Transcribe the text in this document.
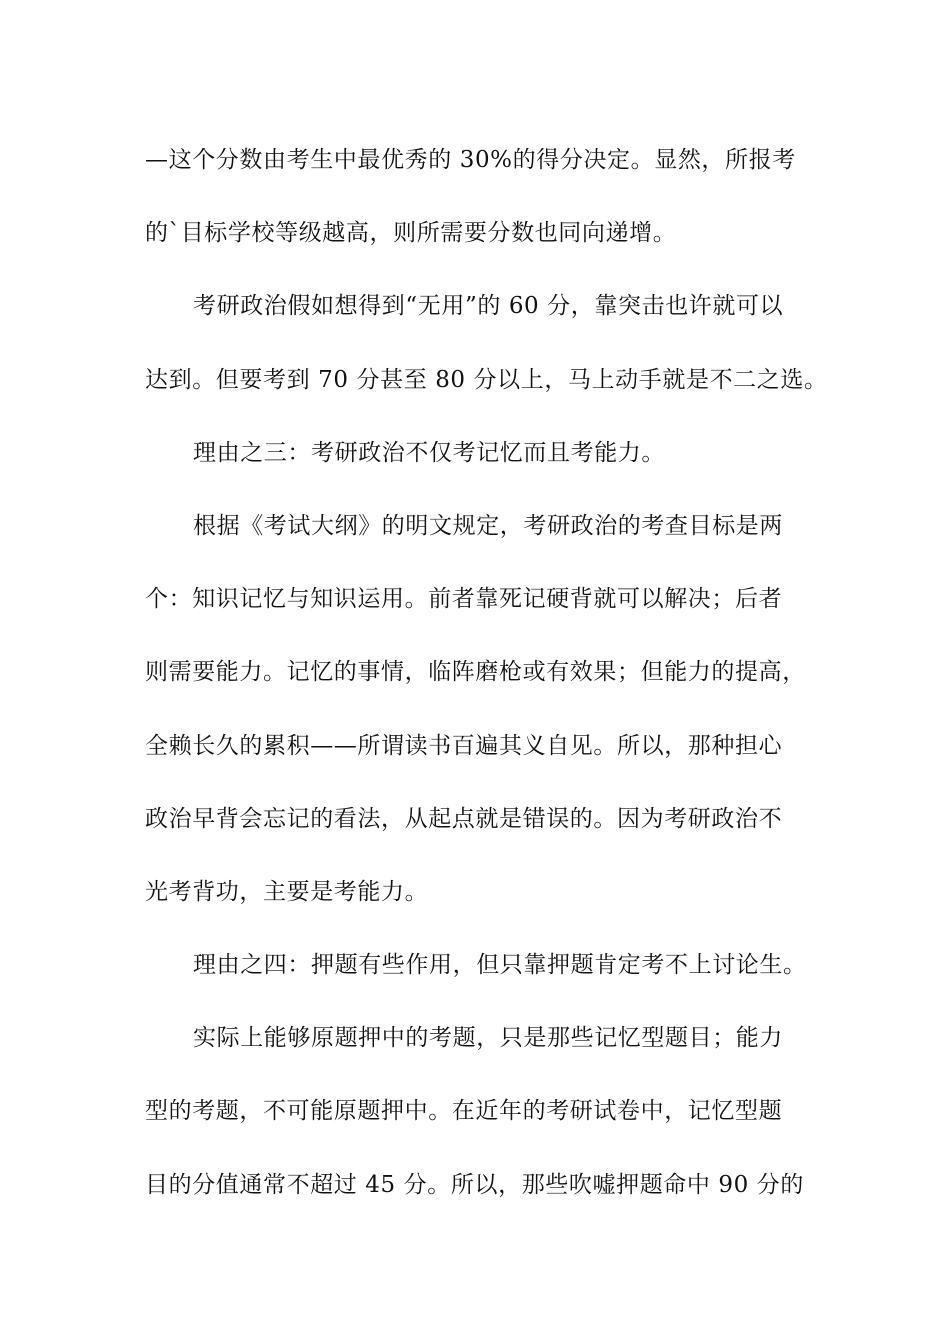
—这个分数由考生中最优秀的 30%的得分决定。显然，所报考
的`目标学校等级越高，则所需要分数也同向递增。
考研政治假如想得到“无用”的 60 分，靠突击也许就可以
达到。但要考到 70 分甚至 80 分以上，马上动手就是不二之选。
理由之三：考研政治不仅考记忆而且考能力。
根据《考试大纲》的明文规定，考研政治的考查目标是两
个：知识记忆与知识运用。前者靠死记硬背就可以解决；后者
则需要能力。记忆的事情，临阵磨枪或有效果；但能力的提高，
全赖长久的累积——所谓读书百遍其义自见。所以，那种担心
政治早背会忘记的看法，从起点就是错误的。因为考研政治不
光考背功，主要是考能力。
理由之四：押题有些作用，但只靠押题肯定考不上讨论生。
实际上能够原题押中的考题，只是那些记忆型题目；能力
型的考题，不可能原题押中。在近年的考研试卷中，记忆型题
目的分值通常不超过 45 分。所以，那些吹嘘押题命中 90 分的
